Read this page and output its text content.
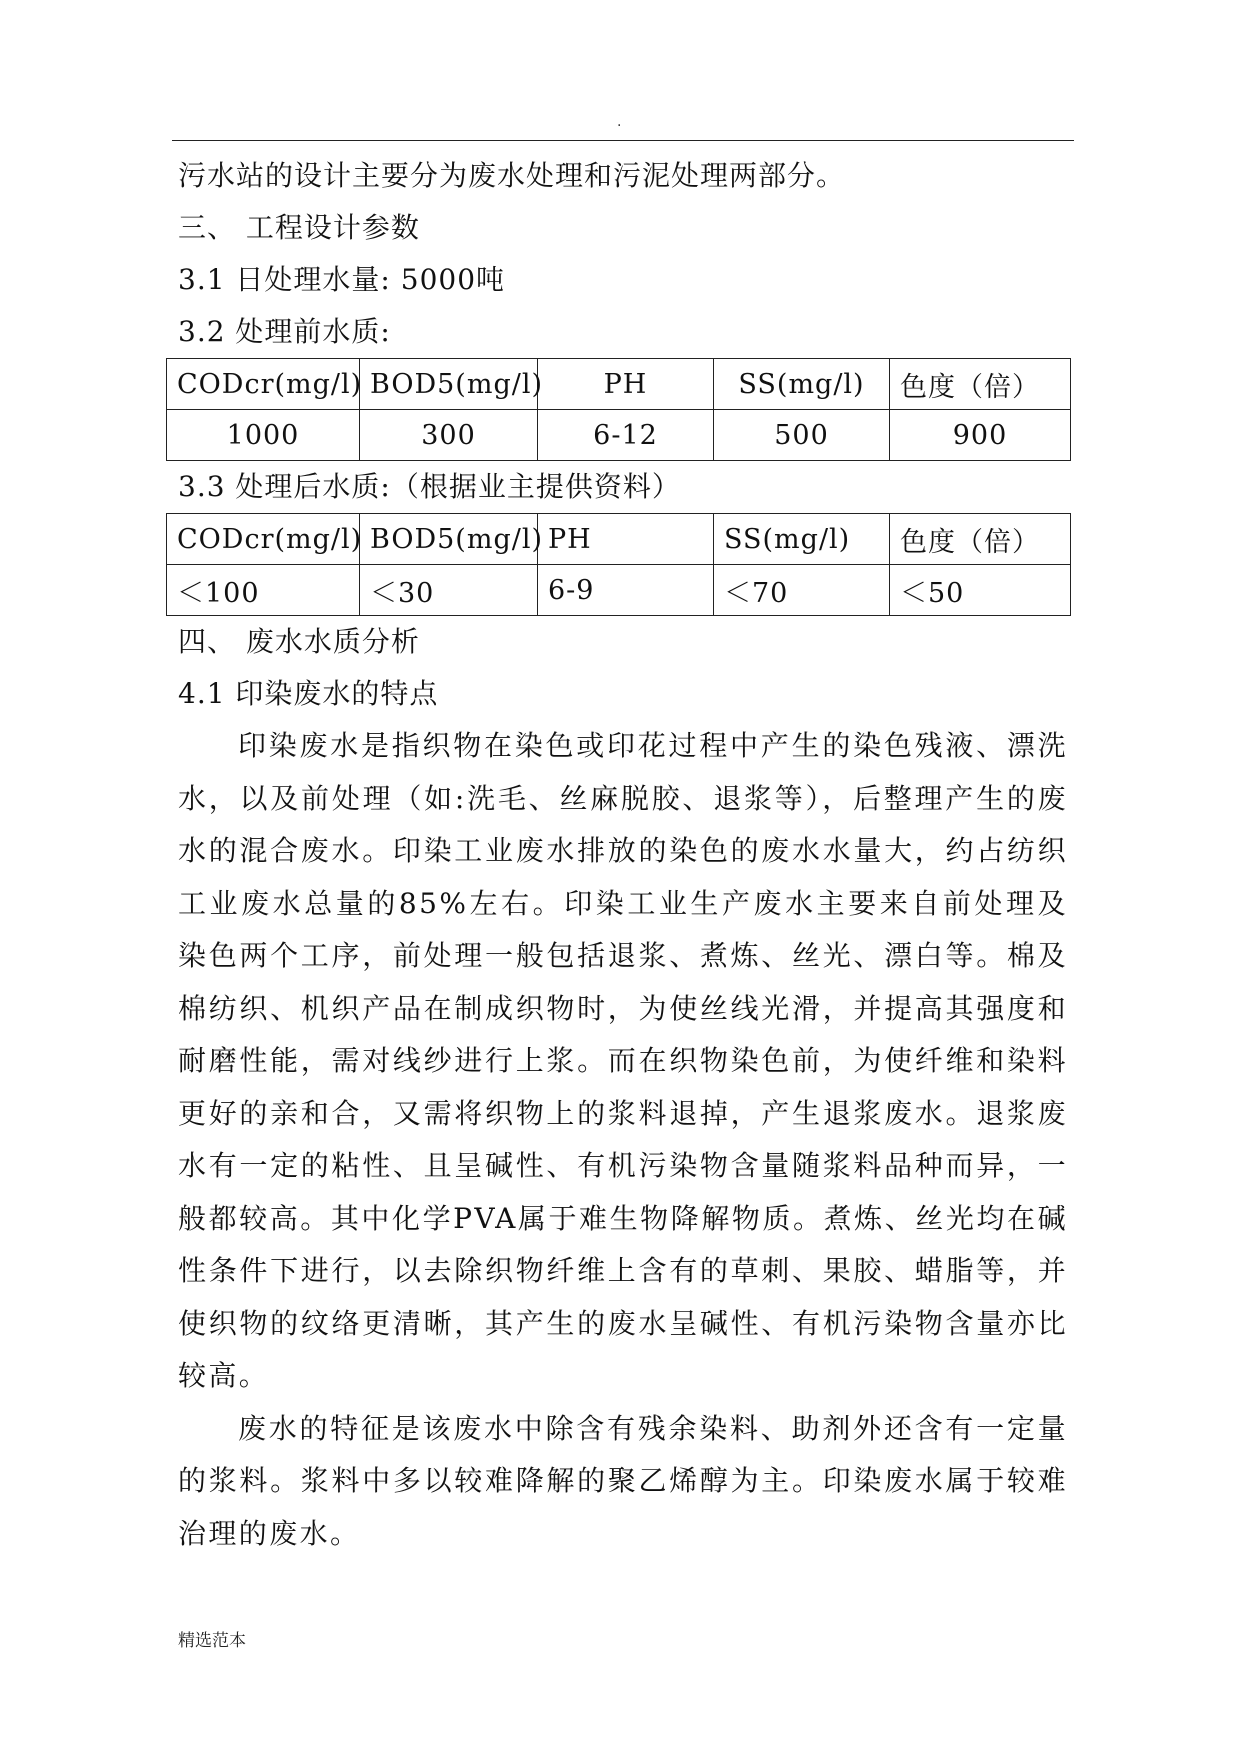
.
污水站的设计主要分为废水处理和污泥处理两部分。
三、 工程设计参数
3.1 日处理水量: 5000吨
3.2 处理前水质:
CODcr(mg/l)	BOD5(mg/l)	PH	SS(mg/l)	色度（倍）
1000	300	6-12	500	900
3.3 处理后水质:（根据业主提供资料）
CODcr(mg/l)	BOD5(mg/l)	PH	SS(mg/l)	色度（倍）
＜100	＜30	6-9	＜70	＜50
四、 废水水质分析
4.1 印染废水的特点

印染废水是指织物在染色或印花过程中产生的染色残液、漂洗水，以及前处理（如:洗毛、丝麻脱胶、退浆等），后整理产生的废水的混合废水。印染工业废水排放的染色的废水水量大，约占纺织工业废水总量的85%左右。印染工业生产废水主要来自前处理及染色两个工序，前处理一般包括退浆、煮炼、丝光、漂白等。棉及棉纺织、机织产品在制成织物时，为使丝线光滑，并提高其强度和耐磨性能，需对线纱进行上浆。而在织物染色前，为使纤维和染料更好的亲和合，又需将织物上的浆料退掉，产生退浆废水。退浆废水有一定的粘性、且呈碱性、有机污染物含量随浆料品种而异，一般都较高。其中化学PVA属于难生物降解物质。煮炼、丝光均在碱性条件下进行，以去除织物纤维上含有的草刺、果胶、蜡脂等，并使织物的纹络更清晰，其产生的废水呈碱性、有机污染物含量亦比较高。

废水的特征是该废水中除含有残余染料、助剂外还含有一定量的浆料。浆料中多以较难降解的聚乙烯醇为主。印染废水属于较难治理的废水。

精选范本
